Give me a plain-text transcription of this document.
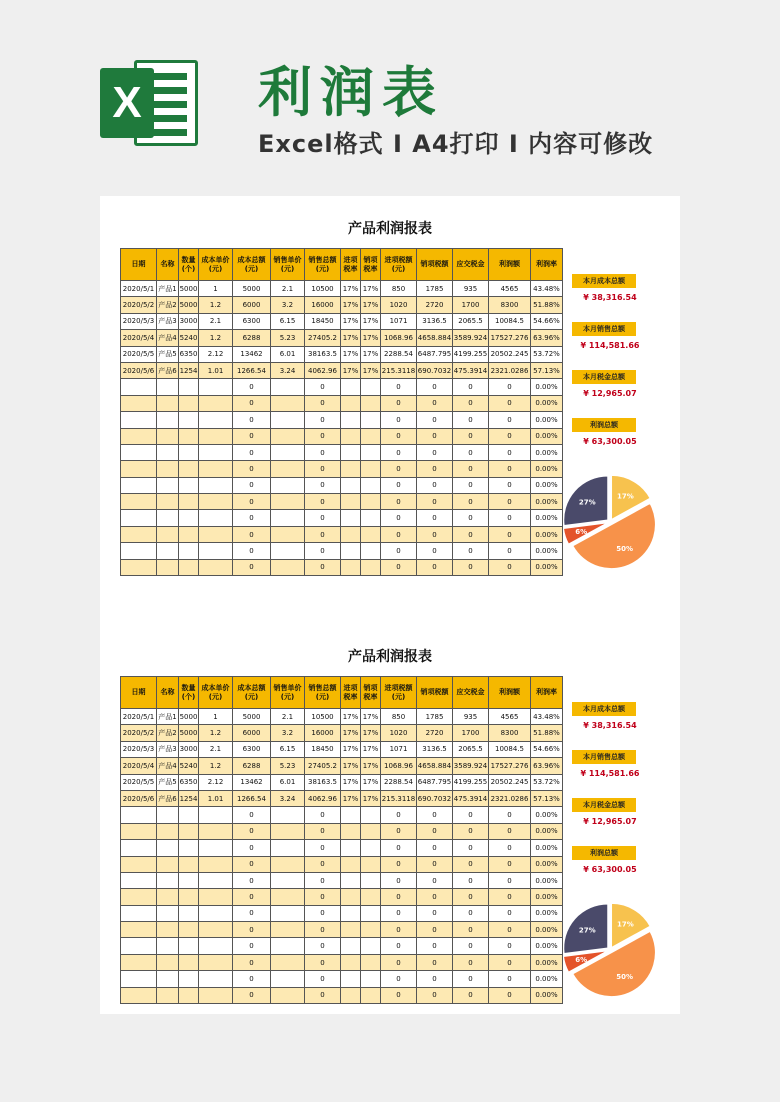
X 利润表
Excel格式 I A4打印 I 内容可修改
产品利润报表
日期	名称	数量(个)	成本单价(元)	成本总额(元)	销售单价(元)	销售总额(元)	进项税率	销项税率	进项税额(元)	销项税额	应交税金	利润额	利润率
2020/5/1	产品1	5000	1	5000	2.1	10500	17%	17%	850	1785	935	4565	43.48%
2020/5/2	产品2	5000	1.2	6000	3.2	16000	17%	17%	1020	2720	1700	8300	51.88%
2020/5/3	产品3	3000	2.1	6300	6.15	18450	17%	17%	1071	3136.5	2065.5	10084.5	54.66%
2020/5/4	产品4	5240	1.2	6288	5.23	27405.2	17%	17%	1068.96	4658.884	3589.924	17527.276	63.96%
2020/5/5	产品5	6350	2.12	13462	6.01	38163.5	17%	17%	2288.54	6487.795	4199.255	20502.245	53.72%
2020/5/6	产品6	1254	1.01	1266.54	3.24	4062.96	17%	17%	215.3118	690.7032	475.3914	2321.0286	57.13%
				0		0			0	0	0	0	0.00%
				0		0			0	0	0	0	0.00%
				0		0			0	0	0	0	0.00%
				0		0			0	0	0	0	0.00%
				0		0			0	0	0	0	0.00%
				0		0			0	0	0	0	0.00%
				0		0			0	0	0	0	0.00%
				0		0			0	0	0	0	0.00%
				0		0			0	0	0	0	0.00%
				0		0			0	0	0	0	0.00%
				0		0			0	0	0	0	0.00%
				0		0			0	0	0	0	0.00%
本月成本总额
¥ 38,316.54
本月销售总额
¥ 114,581.66
本月税金总额
¥ 12,965.07
利润总额
¥ 63,300.05
17%
50%
6%
27%
产品利润报表
日期	名称	数量(个)	成本单价(元)	成本总额(元)	销售单价(元)	销售总额(元)	进项税率	销项税率	进项税额(元)	销项税额	应交税金	利润额	利润率
2020/5/1	产品1	5000	1	5000	2.1	10500	17%	17%	850	1785	935	4565	43.48%
2020/5/2	产品2	5000	1.2	6000	3.2	16000	17%	17%	1020	2720	1700	8300	51.88%
2020/5/3	产品3	3000	2.1	6300	6.15	18450	17%	17%	1071	3136.5	2065.5	10084.5	54.66%
2020/5/4	产品4	5240	1.2	6288	5.23	27405.2	17%	17%	1068.96	4658.884	3589.924	17527.276	63.96%
2020/5/5	产品5	6350	2.12	13462	6.01	38163.5	17%	17%	2288.54	6487.795	4199.255	20502.245	53.72%
2020/5/6	产品6	1254	1.01	1266.54	3.24	4062.96	17%	17%	215.3118	690.7032	475.3914	2321.0286	57.13%
				0		0			0	0	0	0	0.00%
				0		0			0	0	0	0	0.00%
				0		0			0	0	0	0	0.00%
				0		0			0	0	0	0	0.00%
				0		0			0	0	0	0	0.00%
				0		0			0	0	0	0	0.00%
				0		0			0	0	0	0	0.00%
				0		0			0	0	0	0	0.00%
				0		0			0	0	0	0	0.00%
				0		0			0	0	0	0	0.00%
				0		0			0	0	0	0	0.00%
				0		0			0	0	0	0	0.00%
本月成本总额
¥ 38,316.54
本月销售总额
¥ 114,581.66
本月税金总额
¥ 12,965.07
利润总额
¥ 63,300.05
17%
50%
6%
27%
